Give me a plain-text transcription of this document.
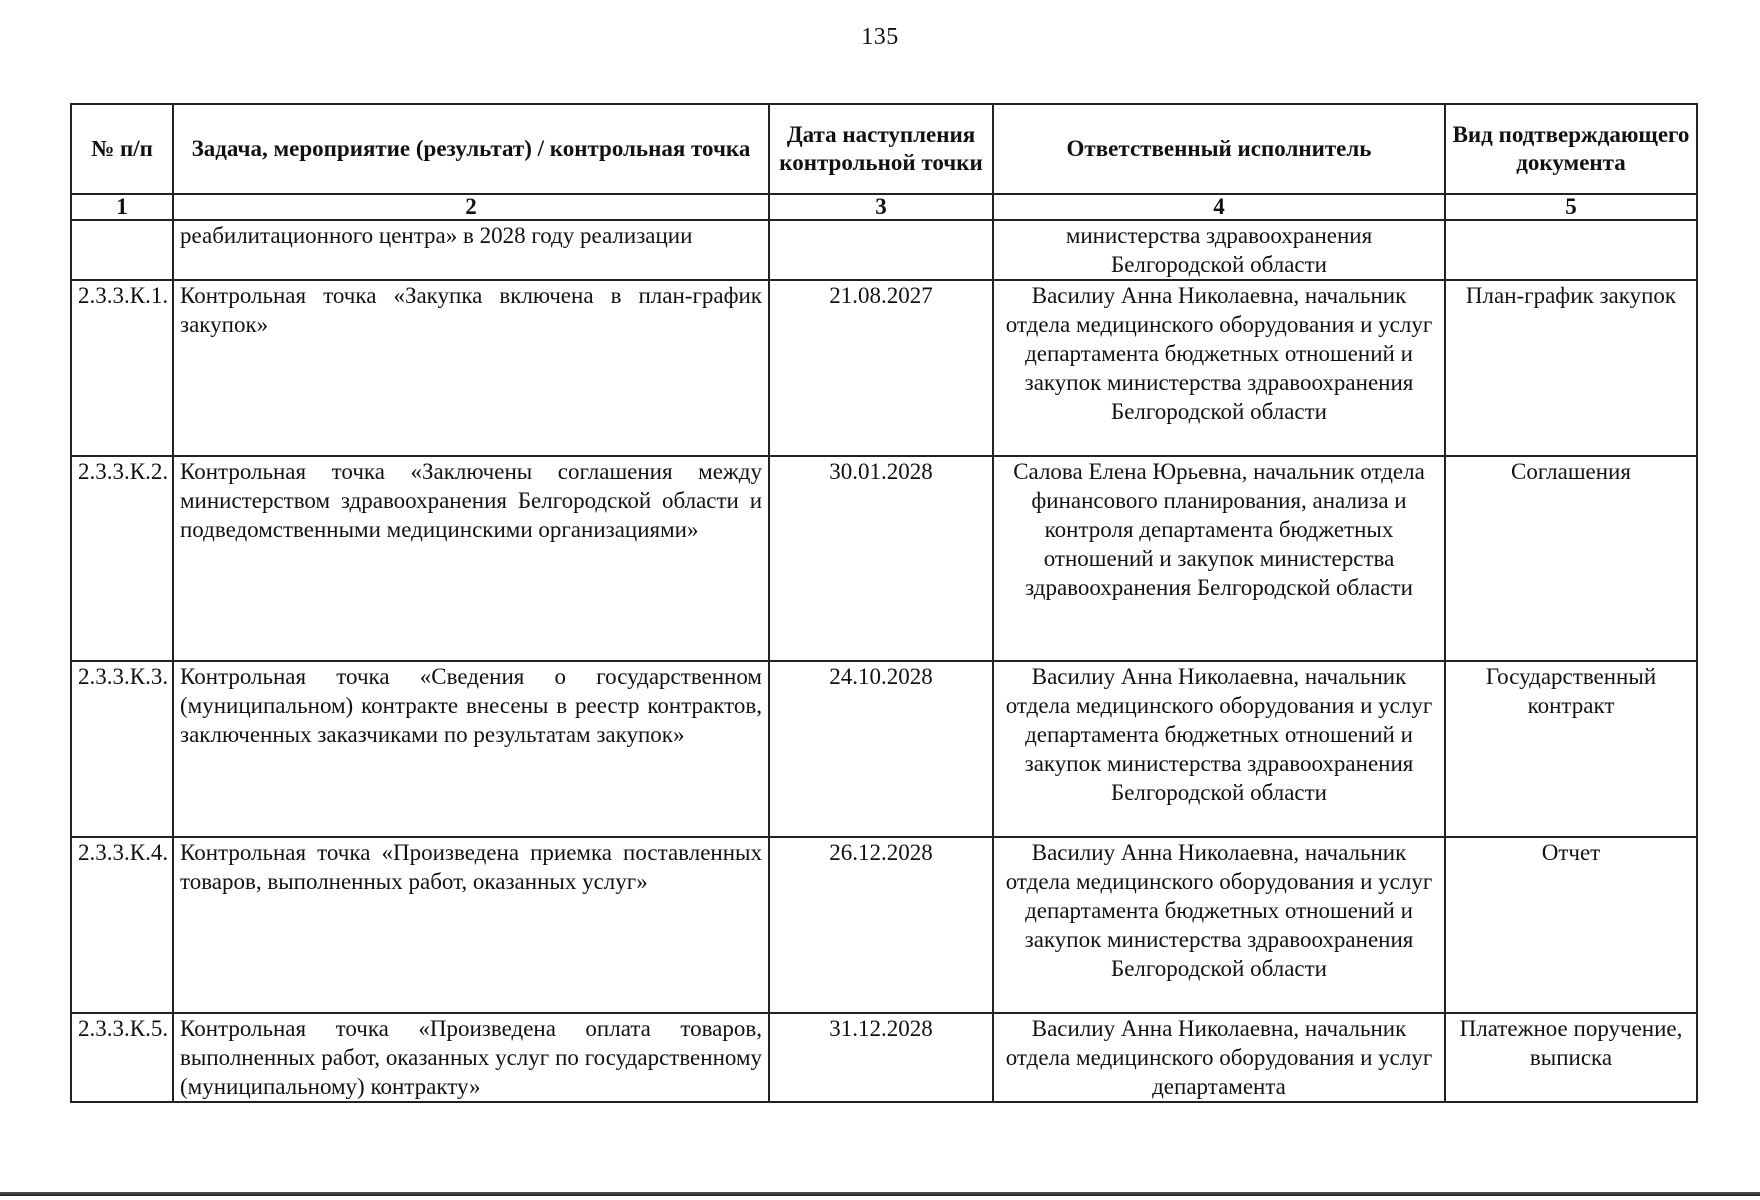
135
№ п/п	Задача, мероприятие (результат) / контрольная точка	Дата наступления контрольной точки	Ответственный исполнитель	Вид подтверждающего документа
1	2	3	4	5
	реабилитационного центра» в 2028 году реализации		министерства здравоохранения Белгородской области	
2.3.3.К.1.	Контрольная точка «Закупка включена в план-график закупок»	21.08.2027	Василиу Анна Николаевна, начальник отдела медицинского оборудования и услуг департамента бюджетных отношений и закупок министерства здравоохранения Белгородской области	План-график закупок
2.3.3.К.2.	Контрольная точка «Заключены соглашения между министерством здравоохранения Белгородской области и подведомственными медицинскими организациями»	30.01.2028	Салова Елена Юрьевна, начальник отдела финансового планирования, анализа и контроля департамента бюджетных отношений и закупок министерства здравоохранения Белгородской области	Соглашения
2.3.3.К.3.	Контрольная точка «Сведения о государственном (муниципальном) контракте внесены в реестр контрактов, заключенных заказчиками по результатам закупок»	24.10.2028	Василиу Анна Николаевна, начальник отдела медицинского оборудования и услуг департамента бюджетных отношений и закупок министерства здравоохранения Белгородской области	Государственный контракт
2.3.3.К.4.	Контрольная точка «Произведена приемка поставленных товаров, выполненных работ, оказанных услуг»	26.12.2028	Василиу Анна Николаевна, начальник отдела медицинского оборудования и услуг департамента бюджетных отношений и закупок министерства здравоохранения Белгородской области	Отчет
2.3.3.К.5.	Контрольная точка «Произведена оплата товаров, выполненных работ, оказанных услуг по государственному (муниципальному) контракту»	31.12.2028	Василиу Анна Николаевна, начальник отдела медицинского оборудования и услуг департамента	Платежное поручение, выписка
